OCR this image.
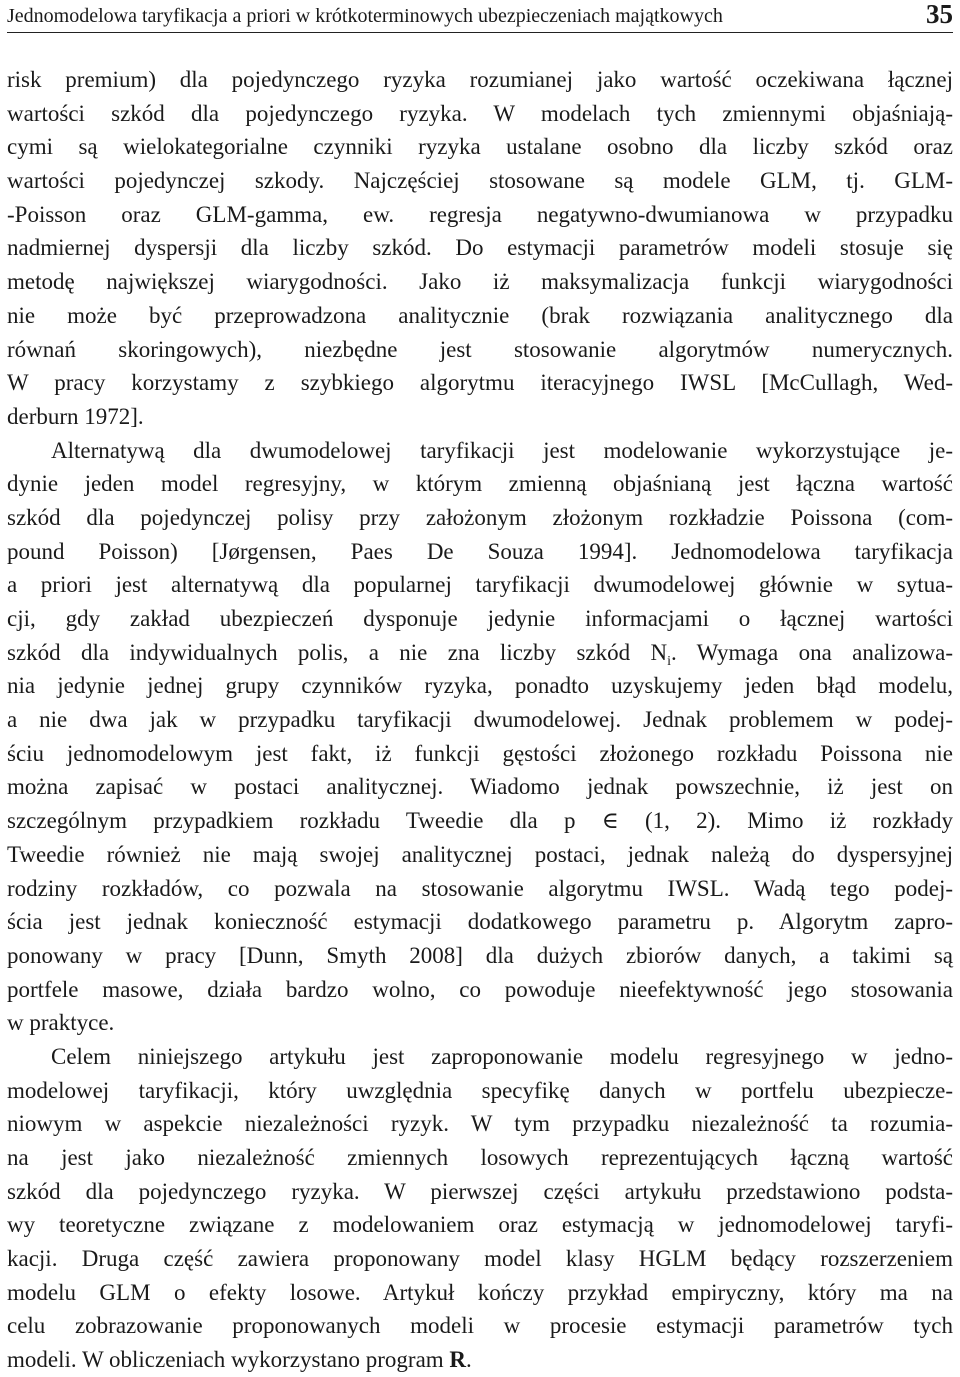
Jednomodelowa taryfikacja a priori w krótkoterminowych ubezpieczeniach majątkowych	35
risk premium) dla pojedynczego ryzyka rozumianej jako wartość oczekiwana łącznej
wartości szkód dla pojedynczego ryzyka. W modelach tych zmiennymi objaśniają-
cymi są wielokategorialne czynniki ryzyka ustalane osobno dla liczby szkód oraz
wartości pojedynczej szkody. Najczęściej stosowane są modele GLM, tj. GLM-
-Poisson oraz GLM-gamma, ew. regresja negatywno-dwumianowa w przypadku
nadmiernej dyspersji dla liczby szkód. Do estymacji parametrów modeli stosuje się
metodę największej wiarygodności. Jako iż maksymalizacja funkcji wiarygodności
nie może być przeprowadzona analitycznie (brak rozwiązania analitycznego dla
równań skoringowych), niezbędne jest stosowanie algorytmów numerycznych.
W pracy korzystamy z szybkiego algorytmu iteracyjnego IWSL [McCullagh, Wed-
derburn 1972].
Alternatywą dla dwumodelowej taryfikacji jest modelowanie wykorzystujące je-
dynie jeden model regresyjny, w którym zmienną objaśnianą jest łączna wartość
szkód dla pojedynczej polisy przy założonym złożonym rozkładzie Poissona (com-
pound Poisson) [Jørgensen, Paes De Souza 1994]. Jednomodelowa taryfikacja
a priori jest alternatywą dla popularnej taryfikacji dwumodelowej głównie w sytua-
cji, gdy zakład ubezpieczeń dysponuje jedynie informacjami o łącznej wartości
szkód dla indywidualnych polis, a nie zna liczby szkód $N_i$. Wymaga ona analizowa-
nia jedynie jednej grupy czynników ryzyka, ponadto uzyskujemy jeden błąd modelu,
a nie dwa jak w przypadku taryfikacji dwumodelowej. Jednak problemem w podej-
ściu jednomodelowym jest fakt, iż funkcji gęstości złożonego rozkładu Poissona nie
można zapisać w postaci analitycznej. Wiadomo jednak powszechnie, iż jest on
szczególnym przypadkiem rozkładu Tweedie dla p ∈ (1, 2). Mimo iż rozkłady
Tweedie również nie mają swojej analitycznej postaci, jednak należą do dyspersyjnej
rodziny rozkładów, co pozwala na stosowanie algorytmu IWSL. Wadą tego podej-
ścia jest jednak konieczność estymacji dodatkowego parametru p. Algorytm zapro-
ponowany w pracy [Dunn, Smyth 2008] dla dużych zbiorów danych, a takimi są
portfele masowe, działa bardzo wolno, co powoduje nieefektywność jego stosowania
w praktyce.
Celem niniejszego artykułu jest zaproponowanie modelu regresyjnego w jedno-
modelowej taryfikacji, który uwzględnia specyfikę danych w portfelu ubezpiecze-
niowym w aspekcie niezależności ryzyk. W tym przypadku niezależność ta rozumia-
na jest jako niezależność zmiennych losowych reprezentujących łączną wartość
szkód dla pojedynczego ryzyka. W pierwszej części artykułu przedstawiono podsta-
wy teoretyczne związane z modelowaniem oraz estymacją w jednomodelowej taryfi-
kacji. Druga część zawiera proponowany model klasy HGLM będący rozszerzeniem
modelu GLM o efekty losowe. Artykuł kończy przykład empiryczny, który ma na
celu zobrazowanie proponowanych modeli w procesie estymacji parametrów tych
modeli. W obliczeniach wykorzystano program R.
